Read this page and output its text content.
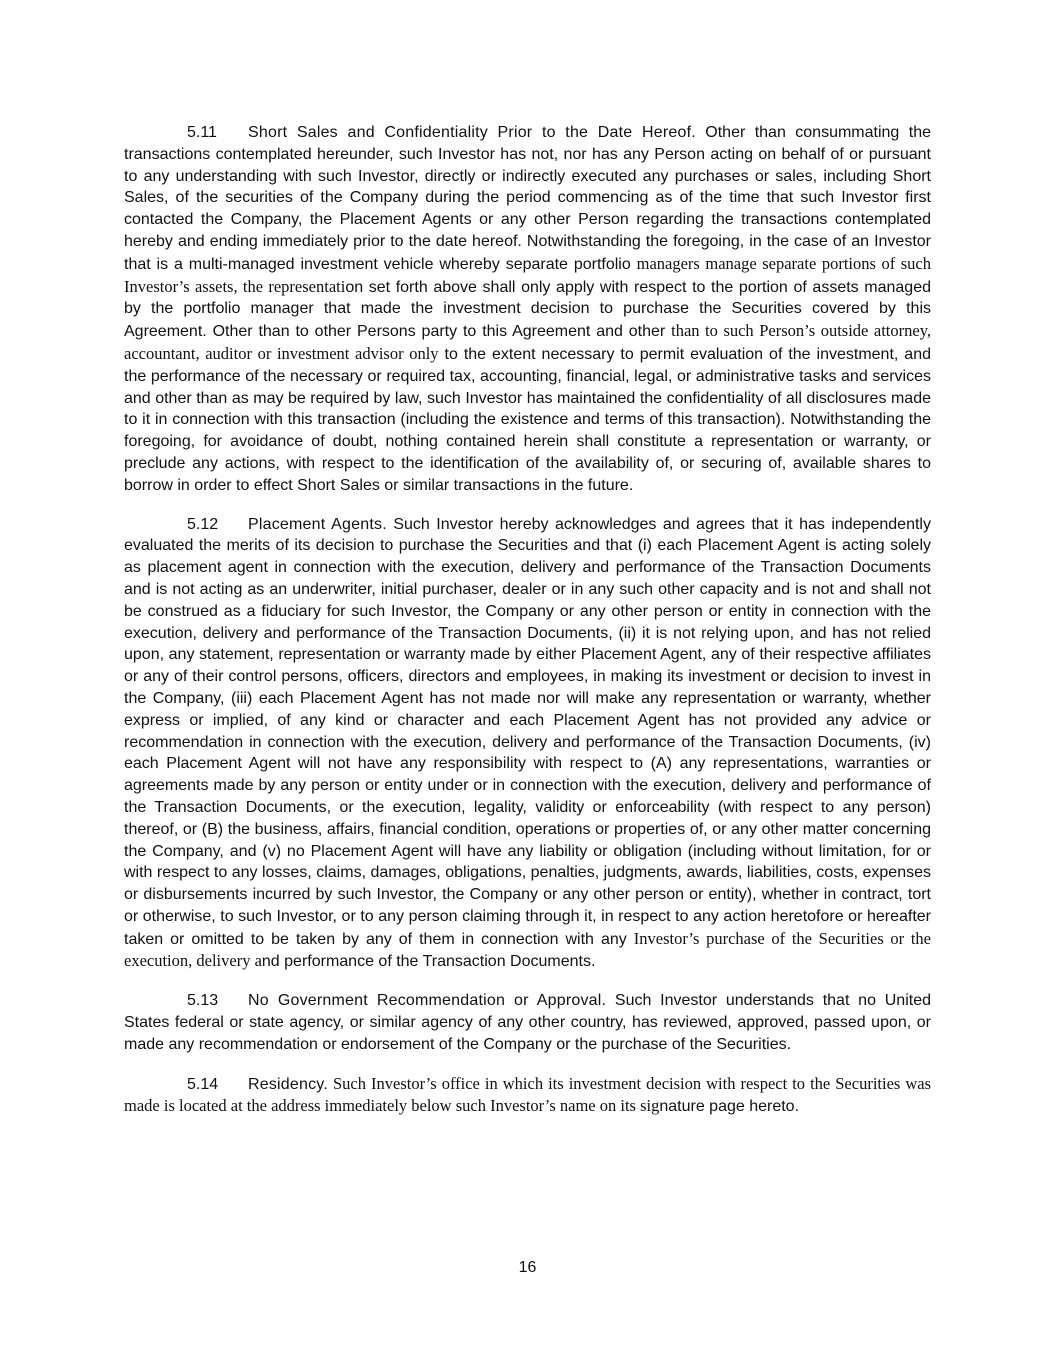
5.11 Short Sales and Confidentiality Prior to the Date Hereof. Other than consummating the transactions contemplated hereunder, such Investor has not, nor has any Person acting on behalf of or pursuant to any understanding with such Investor, directly or indirectly executed any purchases or sales, including Short Sales, of the securities of the Company during the period commencing as of the time that such Investor first contacted the Company, the Placement Agents or any other Person regarding the transactions contemplated hereby and ending immediately prior to the date hereof. Notwithstanding the foregoing, in the case of an Investor that is a multi-managed investment vehicle whereby separate portfolio managers manage separate portions of such Investor’s assets, the representation set forth above shall only apply with respect to the portion of assets managed by the portfolio manager that made the investment decision to purchase the Securities covered by this Agreement. Other than to other Persons party to this Agreement and other than to such Person’s outside attorney, accountant, auditor or investment advisor only to the extent necessary to permit evaluation of the investment, and the performance of the necessary or required tax, accounting, financial, legal, or administrative tasks and services and other than as may be required by law, such Investor has maintained the confidentiality of all disclosures made to it in connection with this transaction (including the existence and terms of this transaction). Notwithstanding the foregoing, for avoidance of doubt, nothing contained herein shall constitute a representation or warranty, or preclude any actions, with respect to the identification of the availability of, or securing of, available shares to borrow in order to effect Short Sales or similar transactions in the future.

5.12 Placement Agents. Such Investor hereby acknowledges and agrees that it has independently evaluated the merits of its decision to purchase the Securities and that (i) each Placement Agent is acting solely as placement agent in connection with the execution, delivery and performance of the Transaction Documents and is not acting as an underwriter, initial purchaser, dealer or in any such other capacity and is not and shall not be construed as a fiduciary for such Investor, the Company or any other person or entity in connection with the execution, delivery and performance of the Transaction Documents, (ii) it is not relying upon, and has not relied upon, any statement, representation or warranty made by either Placement Agent, any of their respective affiliates or any of their control persons, officers, directors and employees, in making its investment or decision to invest in the Company, (iii) each Placement Agent has not made nor will make any representation or warranty, whether express or implied, of any kind or character and each Placement Agent has not provided any advice or recommendation in connection with the execution, delivery and performance of the Transaction Documents, (iv) each Placement Agent will not have any responsibility with respect to (A) any representations, warranties or agreements made by any person or entity under or in connection with the execution, delivery and performance of the Transaction Documents, or the execution, legality, validity or enforceability (with respect to any person) thereof, or (B) the business, affairs, financial condition, operations or properties of, or any other matter concerning the Company, and (v) no Placement Agent will have any liability or obligation (including without limitation, for or with respect to any losses, claims, damages, obligations, penalties, judgments, awards, liabilities, costs, expenses or disbursements incurred by such Investor, the Company or any other person or entity), whether in contract, tort or otherwise, to such Investor, or to any person claiming through it, in respect to any action heretofore or hereafter taken or omitted to be taken by any of them in connection with any Investor’s purchase of the Securities or the execution, delivery and performance of the Transaction Documents.

5.13 No Government Recommendation or Approval. Such Investor understands that no United States federal or state agency, or similar agency of any other country, has reviewed, approved, passed upon, or made any recommendation or endorsement of the Company or the purchase of the Securities.

5.14 Residency. Such Investor’s office in which its investment decision with respect to the Securities was made is located at the address immediately below such Investor’s name on its signature page hereto.

16
